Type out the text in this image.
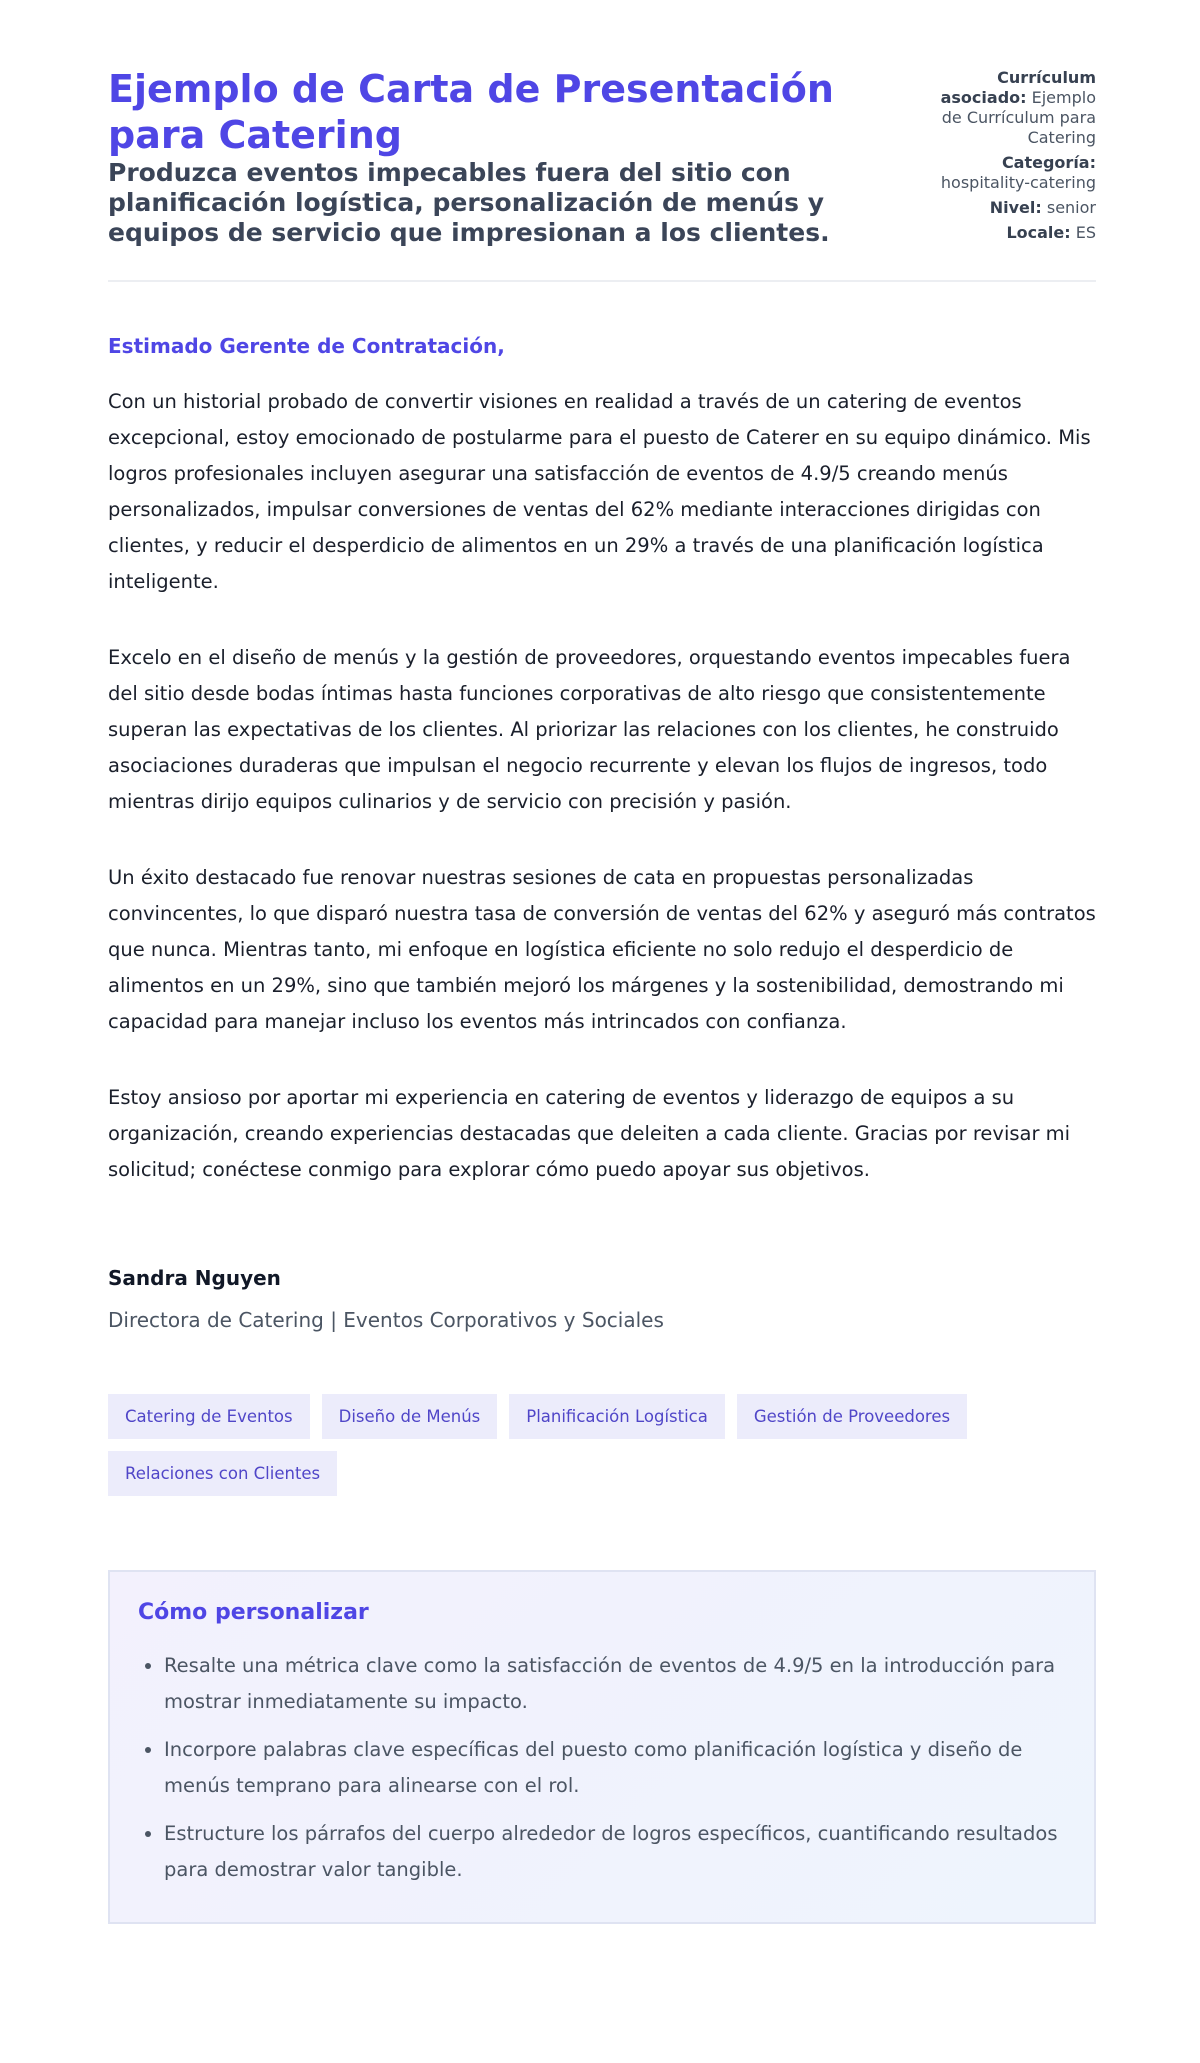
Ejemplo de Carta de Presentación para Catering

Produzca eventos impecables fuera del sitio con planificación logística, personalización de menús y equipos de servicio que impresionan a los clientes.

Currículum asociado: Ejemplo de Currículum para Catering
Categoría: hospitality-catering
Nivel: senior
Locale: ES

Estimado Gerente de Contratación,

Con un historial probado de convertir visiones en realidad a través de un catering de eventos excepcional, estoy emocionado de postularme para el puesto de Caterer en su equipo dinámico. Mis logros profesionales incluyen asegurar una satisfacción de eventos de 4.9/5 creando menús personalizados, impulsar conversiones de ventas del 62% mediante interacciones dirigidas con clientes, y reducir el desperdicio de alimentos en un 29% a través de una planificación logística inteligente.

Excelo en el diseño de menús y la gestión de proveedores, orquestando eventos impecables fuera del sitio desde bodas íntimas hasta funciones corporativas de alto riesgo que consistentemente superan las expectativas de los clientes. Al priorizar las relaciones con los clientes, he construido asociaciones duraderas que impulsan el negocio recurrente y elevan los flujos de ingresos, todo mientras dirijo equipos culinarios y de servicio con precisión y pasión.

Un éxito destacado fue renovar nuestras sesiones de cata en propuestas personalizadas convincentes, lo que disparó nuestra tasa de conversión de ventas del 62% y aseguró más contratos que nunca. Mientras tanto, mi enfoque en logística eficiente no solo redujo el desperdicio de alimentos en un 29%, sino que también mejoró los márgenes y la sostenibilidad, demostrando mi capacidad para manejar incluso los eventos más intrincados con confianza.

Estoy ansioso por aportar mi experiencia en catering de eventos y liderazgo de equipos a su organización, creando experiencias destacadas que deleiten a cada cliente. Gracias por revisar mi solicitud; conéctese conmigo para explorar cómo puedo apoyar sus objetivos.

Sandra Nguyen
Directora de Catering | Eventos Corporativos y Sociales
Catering de Eventos	Diseño de Menús	Planificación Logística	Gestión de Proveedores
Relaciones con Clientes
Cómo personalizar
• Resalte una métrica clave como la satisfacción de eventos de 4.9/5 en la introducción para mostrar inmediatamente su impacto.
• Incorpore palabras clave específicas del puesto como planificación logística y diseño de menús temprano para alinearse con el rol.
• Estructure los párrafos del cuerpo alrededor de logros específicos, cuantificando resultados para demostrar valor tangible.
